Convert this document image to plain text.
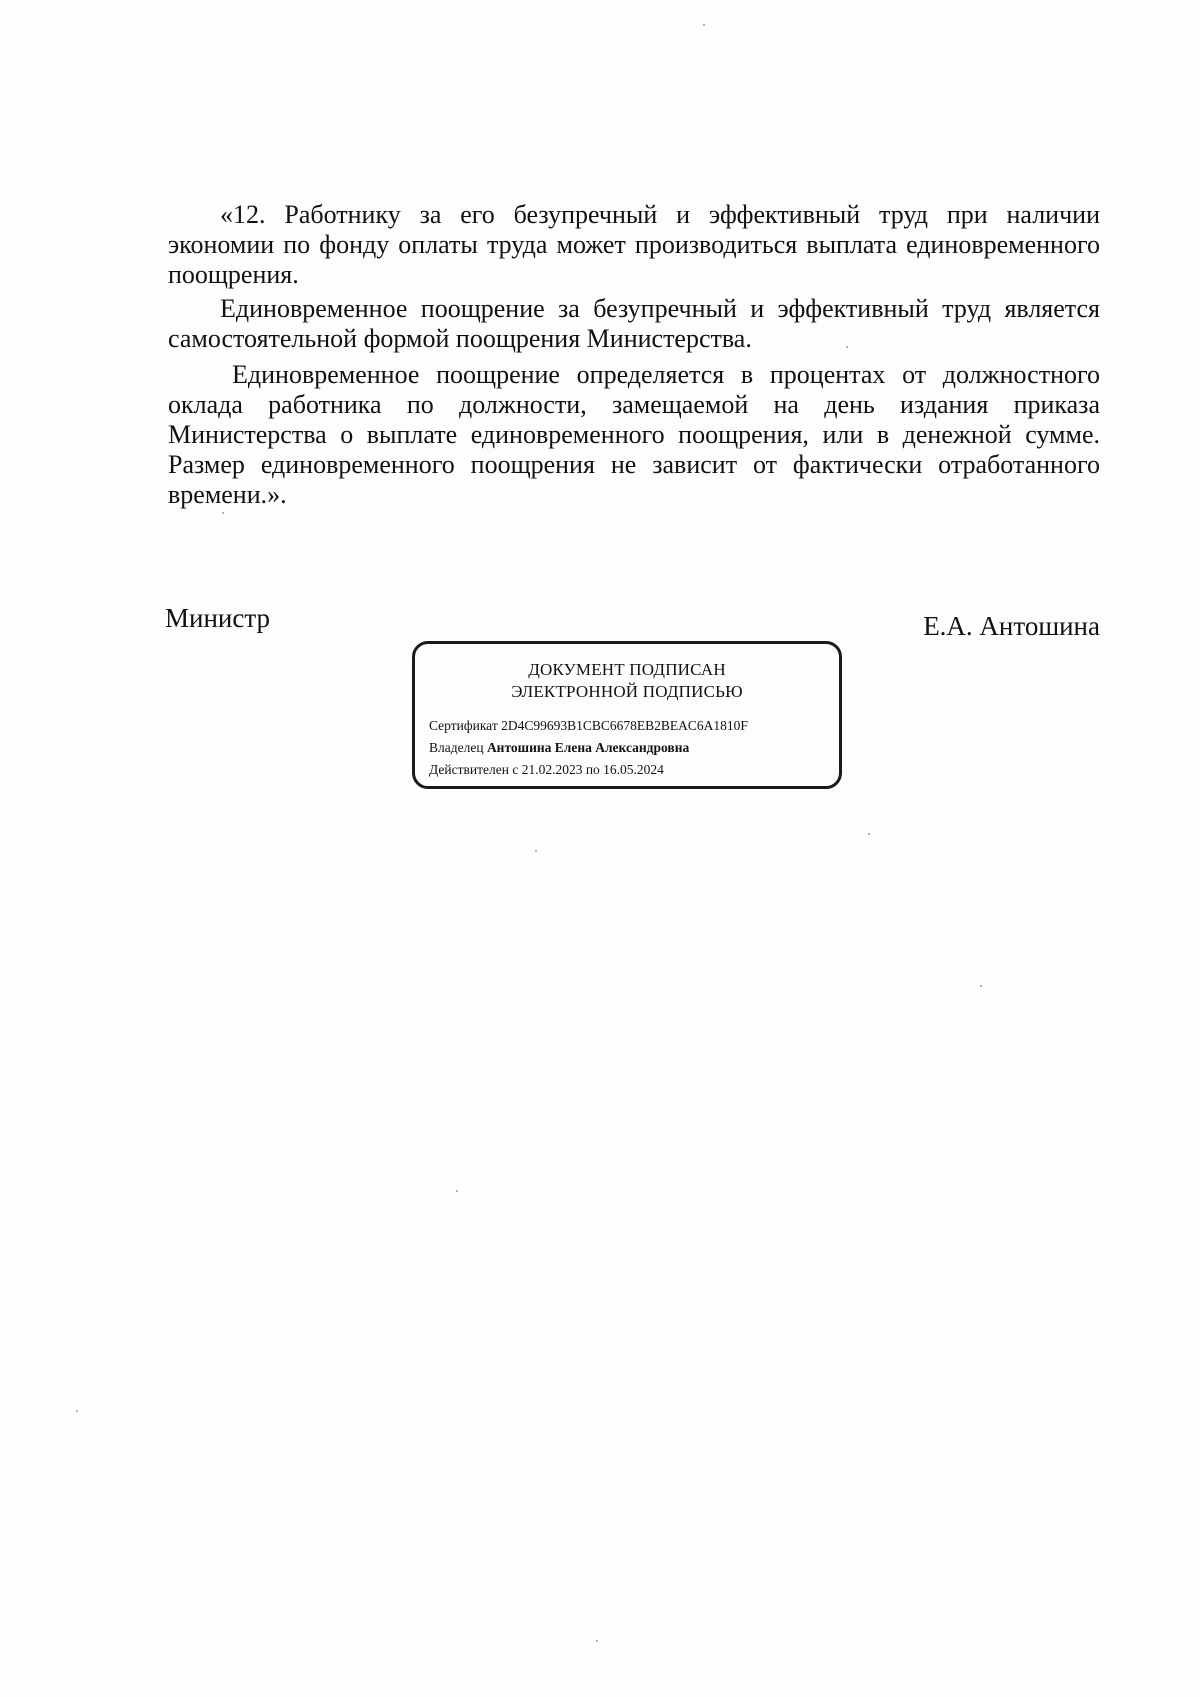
«12. Работнику за его безупречный и эффективный труд при наличии экономии по фонду оплаты труда может производиться выплата единовременного поощрения.

Единовременное поощрение за безупречный и эффективный труд является самостоятельной формой поощрения Министерства.

Единовременное поощрение определяется в процентах от должностного оклада работника по должности, замещаемой на день издания приказа Министерства о выплате единовременного поощрения, или в денежной сумме. Размер единовременного поощрения не зависит от фактически отработанного времени.».

Министр	Е.А. Антошина
ДОКУМЕНТ ПОДПИСАН
ЭЛЕКТРОННОЙ ПОДПИСЬЮ
Сертификат 2D4C99693B1CBC6678EB2BEAC6A1810F
Владелец Антошина Елена Александровна
Действителен с 21.02.2023 по 16.05.2024
